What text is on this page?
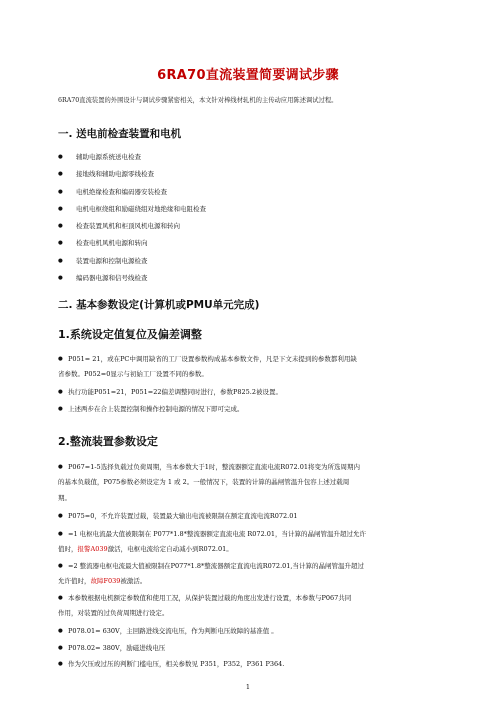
6RA70直流装置简要调试步骤
6RA70直流装置的外围设计与调试步骤紧密相关，本文针对棒线材轧机的主传动应用陈述调试过程。
一. 送电前检查装置和电机
● 辅助电源系统送电检查
● 接地线和辅助电源零线检查
● 电机绝缘检查和编码器安装检查
● 电机电枢绕组和励磁绕组对地绝缘和电阻检查
● 检查装置风机和柜顶风机电源和转向
● 检查电机风机电源和转向
● 装置电源和控制电源检查
● 编码器电源和信号线检查
二. 基本参数设定(计算机或PMU单元完成)
1.系统设定值复位及偏差调整
● P051= 21，或在PC中调用缺省的工厂设置参数构成基本参数文件，凡是下文未提到的参数都利用缺
省参数。P052=0显示与初始工厂设置不同的参数。
● 执行功能P051=21，P051=22偏差调整同时进行，参数P825.2被设置。
● 上述两步在合上装置控制和操作控制电源的情况下即可完成。
2.整流装置参数设定
● P067=1-5选择负载过负荷周期，当本参数大于1时，整流器额定直流电流R072.01将变为所选周期内
的基本负载值，P075参数必须设定为 1 或 2。一般情况下，装置的计算的晶闸管温升包容上述过载周
期。
● P075=0，不允许装置过载，装置最大输出电流被限制在额定直流电流R072.01
● =1 电枢电流最大值被限制在 P077*1.8*整流器额定直流电流 R072.01，当计算的晶闸管温升超过允许
值时，报警A039激活，电枢电流给定自动减小到R072.01。
● =2 整流器电枢电流最大值被限制在P077*1.8*整流器额定直流电流R072.01,当计算的晶闸管温升超过
允许值时，故障F039被激活。
● 本参数根据电机额定参数值和使用工况，从保护装置过载的角度出发进行设置，本参数与P067共同
作用，对装置的过负荷周期进行设定。
● P078.01= 630V，主回路进线交流电压，作为判断电压故障的基准值 。
● P078.02= 380V，励磁进线电压
● 作为欠压或过压的判断门槛电压，相关参数见 P351，P352，P361 P364.
1
